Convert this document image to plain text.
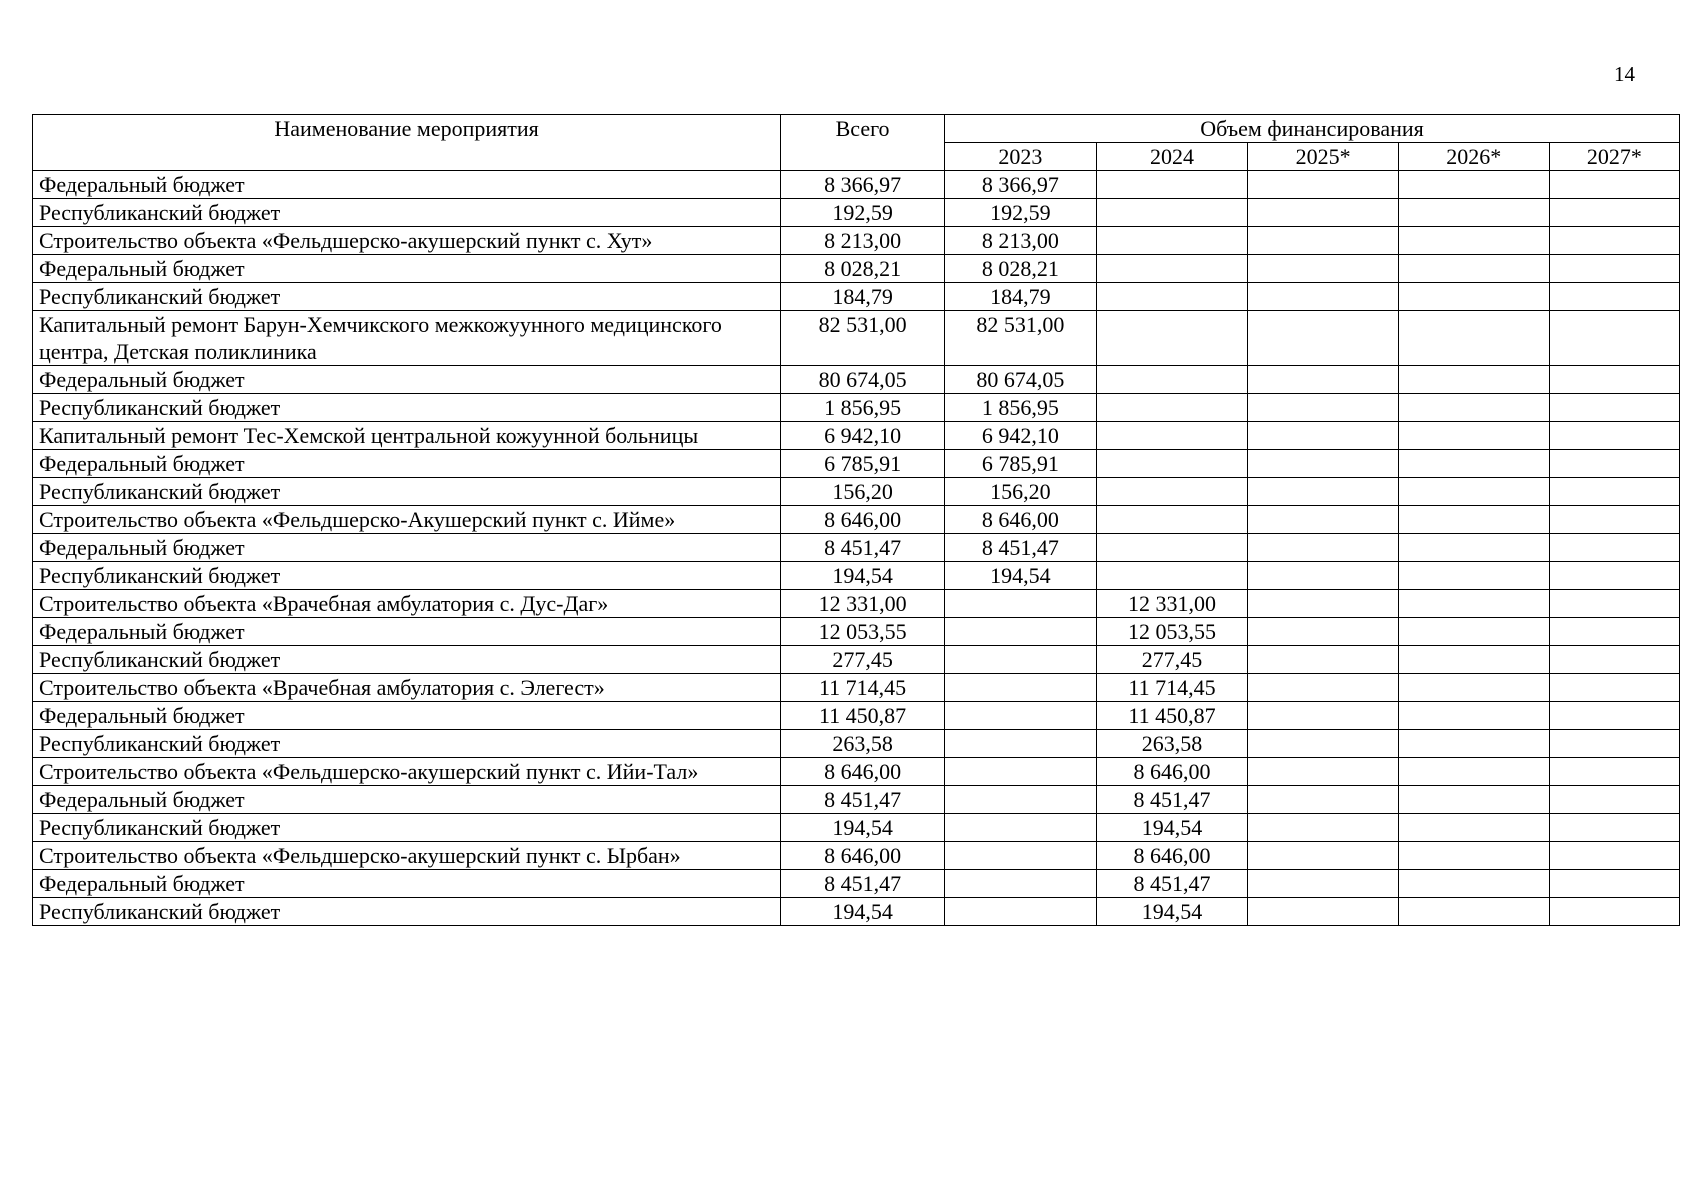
14
Наименование мероприятия	Всего	Объем финансирования				
		2023	2024	2025*	2026*	2027*
Федеральный бюджет	8 366,97	8 366,97				
Республиканский бюджет	192,59	192,59				
Строительство объекта «Фельдшерско-акушерский пункт с. Хут»	8 213,00	8 213,00				
Федеральный бюджет	8 028,21	8 028,21				
Республиканский бюджет	184,79	184,79				
Капитальный ремонт Барун-Хемчикского межкожуунного медицинского центра, Детская поликлиника	82 531,00	82 531,00				
Федеральный бюджет	80 674,05	80 674,05				
Республиканский бюджет	1 856,95	1 856,95				
Капитальный ремонт Тес-Хемской центральной кожуунной больницы	6 942,10	6 942,10				
Федеральный бюджет	6 785,91	6 785,91				
Республиканский бюджет	156,20	156,20				
Строительство объекта «Фельдшерско-Акушерский пункт с. Ийме»	8 646,00	8 646,00				
Федеральный бюджет	8 451,47	8 451,47				
Республиканский бюджет	194,54	194,54				
Строительство объекта «Врачебная амбулатория с. Дус-Даг»	12 331,00		12 331,00			
Федеральный бюджет	12 053,55		12 053,55			
Республиканский бюджет	277,45		277,45			
Строительство объекта «Врачебная амбулатория с. Элегест»	11 714,45		11 714,45			
Федеральный бюджет	11 450,87		11 450,87			
Республиканский бюджет	263,58		263,58			
Строительство объекта «Фельдшерско-акушерский пункт с. Ийи-Тал»	8 646,00		8 646,00			
Федеральный бюджет	8 451,47		8 451,47			
Республиканский бюджет	194,54		194,54			
Строительство объекта «Фельдшерско-акушерский пункт с. Ырбан»	8 646,00		8 646,00			
Федеральный бюджет	8 451,47		8 451,47			
Республиканский бюджет	194,54		194,54			
